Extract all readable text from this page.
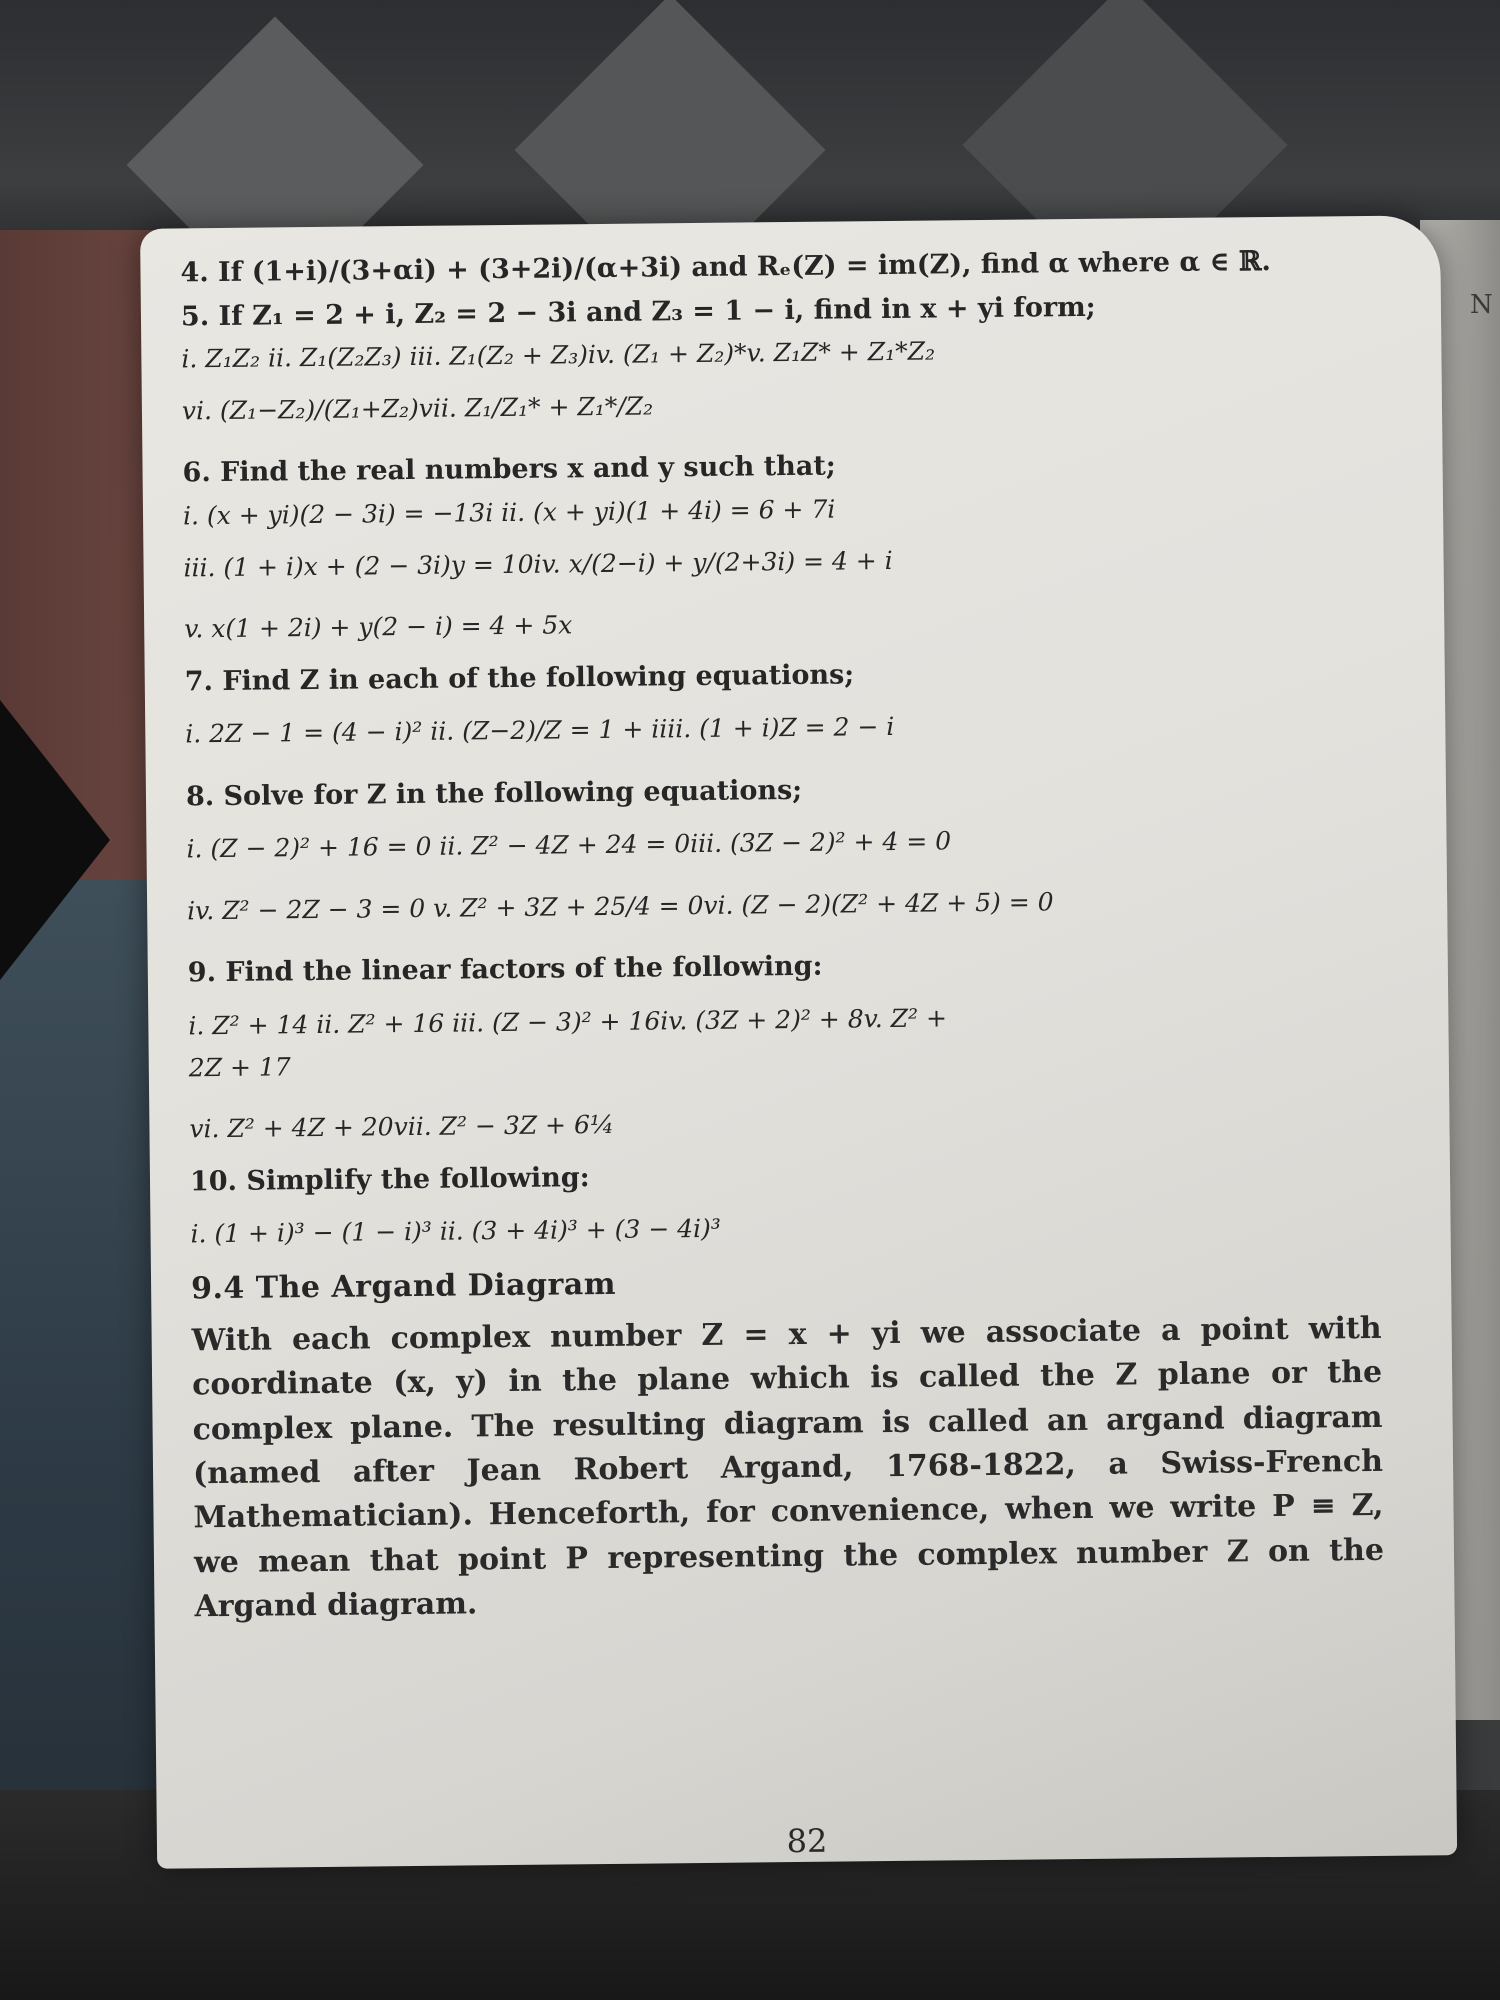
N

4. If (1+i)/(3+αi) + (3+2i)/(α+3i) and Rₑ(Z) = im(Z), find α where α ∈ ℝ.

5. If Z₁ = 2 + i, Z₂ = 2 − 3i and Z₃ = 1 − i, find in x + yi form;

i. Z₁Z₂ ii. Z₁(Z₂Z₃) iii. Z₁(Z₂ + Z₃)iv. (Z₁ + Z₂)*v. Z₁Z* + Z₁*Z₂

vi. (Z₁−Z₂)/(Z₁+Z₂)vii. Z₁/Z₁* + Z₁*/Z₂

6. Find the real numbers x and y such that;

i. (x + yi)(2 − 3i) = −13i ii. (x + yi)(1 + 4i) = 6 + 7i

iii. (1 + i)x + (2 − 3i)y = 10iv. x/(2−i) + y/(2+3i) = 4 + i

v. x(1 + 2i) + y(2 − i) = 4 + 5x

7. Find Z in each of the following equations;

i. 2Z − 1 = (4 − i)² ii. (Z−2)/Z = 1 + iiii. (1 + i)Z = 2 − i

8. Solve for Z in the following equations;

i. (Z − 2)² + 16 = 0 ii. Z² − 4Z + 24 = 0iii. (3Z − 2)² + 4 = 0

iv. Z² − 2Z − 3 = 0 v. Z² + 3Z + 25/4 = 0vi. (Z − 2)(Z² + 4Z + 5) = 0

9. Find the linear factors of the following:

i. Z² + 14 ii. Z² + 16 iii. (Z − 3)² + 16iv. (3Z + 2)² + 8v. Z² +

2Z + 17

vi. Z² + 4Z + 20vii. Z² − 3Z + 6¼

10. Simplify the following:

i. (1 + i)³ − (1 − i)³ ii. (3 + 4i)³ + (3 − 4i)³

9.4 The Argand Diagram

With each complex number Z = x + yi we associate a point with coordinate (x, y) in the plane which is called the Z plane or the complex plane. The resulting diagram is called an argand diagram (named after Jean Robert Argand, 1768-1822, a Swiss-French Mathematician). Henceforth, for convenience, when we write P ≡ Z, we mean that point P representing the complex number Z on the Argand diagram.

82
